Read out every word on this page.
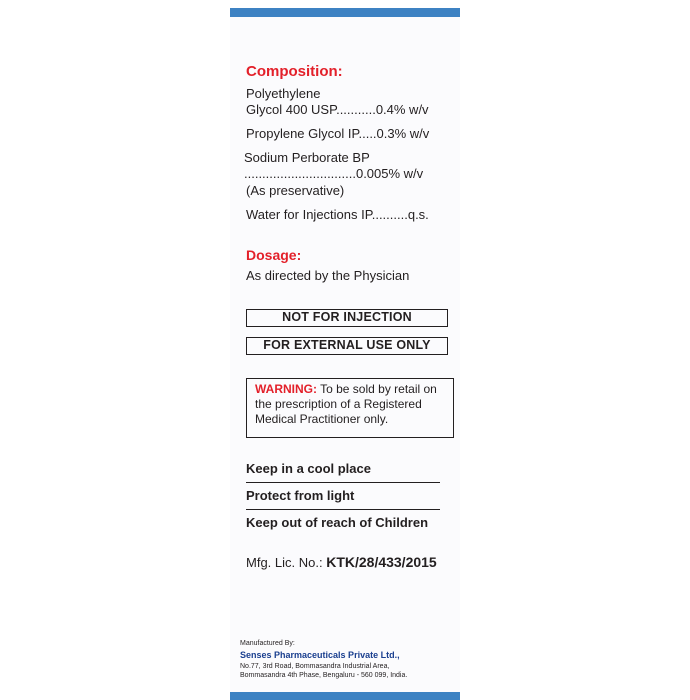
Composition:
Polyethylene
Glycol 400 USP...........0.4% w/v
Propylene Glycol IP.....0.3% w/v
Sodium Perborate BP
...............................0.005% w/v
(As preservative)
Water for Injections IP..........q.s.
Dosage:
As directed by the Physician
NOT FOR INJECTION
FOR EXTERNAL USE ONLY
WARNING: To be sold by retail on the prescription of a Registered Medical Practitioner only.
Keep in a cool place
Protect from light
Keep out of reach of Children
Mfg. Lic. No.: KTK/28/433/2015
Manufactured By:
Senses Pharmaceuticals Private Ltd.,
No.77, 3rd Road, Bommasandra Industrial Area,
Bommasandra 4th Phase, Bengaluru - 560 099, India.
